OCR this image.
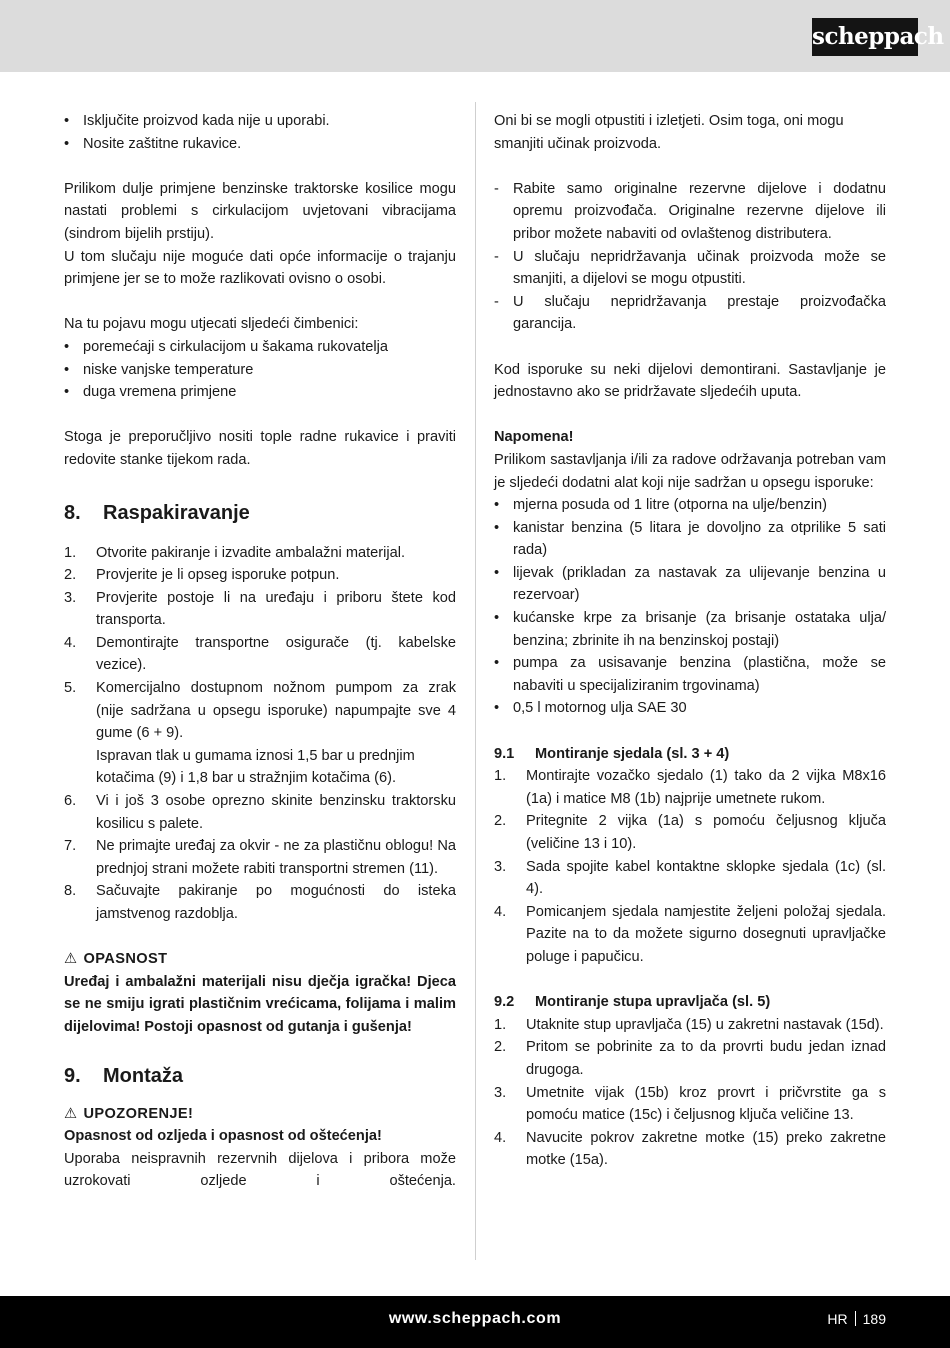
scheppach
• Isključite proizvod kada nije u uporabi.
• Nosite zaštitne rukavice.

Prilikom dulje primjene benzinske traktorske kosilice mogu nastati problemi s cirkulacijom uvjetovani vibracijama (sindrom bijelih prstiju).

U tom slučaju nije moguće dati opće informacije o trajanju primjene jer se to može razlikovati ovisno o osobi.

Na tu pojavu mogu utjecati sljedeći čimbenici:

• poremećaji s cirkulacijom u šakama rukovatelja
• niske vanjske temperature
• duga vremena primjene

Stoga je preporučljivo nositi tople radne rukavice i praviti redovite stanke tijekom rada.

8. Raspakiravanje
1. Otvorite pakiranje i izvadite ambalažni materijal.
2. Provjerite je li opseg isporuke potpun.
3. Provjerite postoje li na uređaju i priboru štete kod transporta.
4. Demontirajte transportne osigurače (tj. kabelske vezice).
5. Komercijalno dostupnom nožnom pumpom za zrak (nije sadržana u opsegu isporuke) napumpajte sve 4 gume (6 + 9).

Ispravan tlak u gumama iznosi 1,5 bar u prednjim kotačima (9) i 1,8 bar u stražnjim kotačima (6).

6. Vi i još 3 osobe oprezno skinite benzinsku traktorsku kosilicu s palete.
7. Ne primajte uređaj za okvir - ne za plastičnu oblogu! Na prednjoj strani možete rabiti transportni stremen (11).
8. Sačuvajte pakiranje po mogućnosti do isteka jamstvenog razdoblja.

⚠ OPASNOST

Uređaj i ambalažni materijali nisu dječja igračka! Djeca se ne smiju igrati plastičnim vrećicama, folijama i malim dijelovima! Postoji opasnost od gutanja i gušenja!

9. Montaža

⚠ UPOZORENJE!

Opasnost od ozljeda i opasnost od oštećenja!

Uporaba neispravnih rezervnih dijelova i pribora može uzrokovati ozljede i oštećenja.

Oni bi se mogli otpustiti i izletjeti. Osim toga, oni mogu smanjiti učinak proizvoda.

- Rabite samo originalne rezervne dijelove i dodatnu opremu proizvođača. Originalne rezervne dijelove ili pribor možete nabaviti od ovlaštenog distributera.
- U slučaju nepridržavanja učinak proizvoda može se smanjiti, a dijelovi se mogu otpustiti.
- U slučaju nepridržavanja prestaje proizvođačka garancija.

Kod isporuke su neki dijelovi demontirani. Sastavljanje je jednostavno ako se pridržavate sljedećih uputa.

Napomena!

Prilikom sastavljanja i/ili za radove održavanja potreban vam je sljedeći dodatni alat koji nije sadržan u opsegu isporuke:

• mjerna posuda od 1 litre (otporna na ulje/benzin)
• kanistar benzina (5 litara je dovoljno za otprilike 5 sati rada)
• lijevak (prikladan za nastavak za ulijevanje benzina u rezervoar)
• kućanske krpe za brisanje (za brisanje ostataka ulja/ benzina; zbrinite ih na benzinskoj postaji)
• pumpa za usisavanje benzina (plastična, može se nabaviti u specijaliziranim trgovinama)
• 0,5 l motornog ulja SAE 30
9.1 Montiranje sjedala (sl. 3 + 4)
1. Montirajte vozačko sjedalo (1) tako da 2 vijka M8x16 (1a) i matice M8 (1b) najprije umetnete rukom.
2. Pritegnite 2 vijka (1a) s pomoću čeljusnog ključa (veličine 13 i 10).
3. Sada spojite kabel kontaktne sklopke sjedala (1c) (sl. 4).
4. Pomicanjem sjedala namjestite željeni položaj sjedala. Pazite na to da možete sigurno dosegnuti upravljačke poluge i papučicu.
9.2 Montiranje stupa upravljača (sl. 5)
1. Utaknite stup upravljača (15) u zakretni nastavak (15d).
2. Pritom se pobrinite za to da provrti budu jedan iznad drugoga.
3. Umetnite vijak (15b) kroz provrt i pričvrstite ga s pomoću matice (15c) i čeljusnog ključa veličine 13.
4. Navucite pokrov zakretne motke (15) preko zakretne motke (15a).
www.scheppach.com	HR 189
